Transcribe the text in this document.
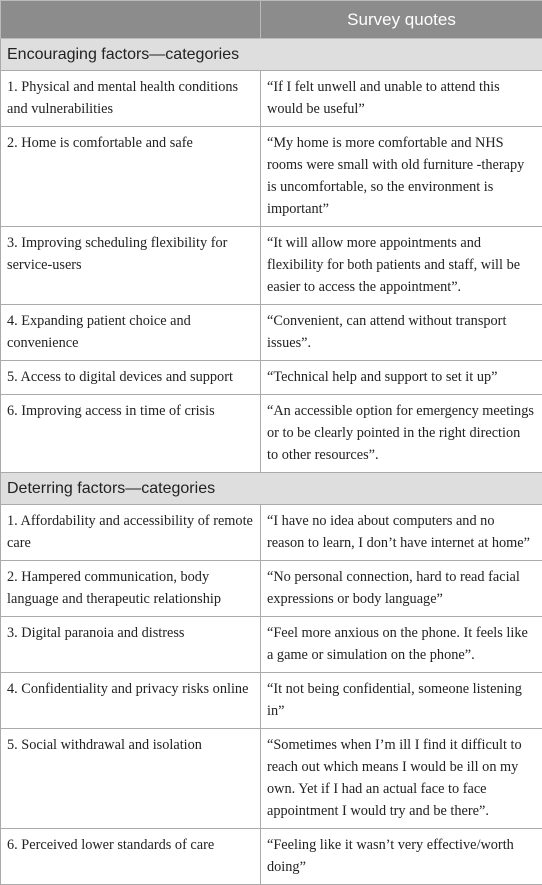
	Survey quotes
Encouraging factors—categories	
1. Physical and mental health conditions and vulnerabilities	“If I felt unwell and unable to attend this would be useful”
2. Home is comfortable and safe	“My home is more comfortable and NHS rooms were small with old furniture -therapy is uncomfortable, so the environment is important”
3. Improving scheduling flexibility for service-users	“It will allow more appointments and flexibility for both patients and staff, will be easier to access the appointment”.
4. Expanding patient choice and convenience	“Convenient, can attend without transport issues”.
5. Access to digital devices and support	“Technical help and support to set it up”
6. Improving access in time of crisis	“An accessible option for emergency meetings or to be clearly pointed in the right direction to other resources”.
Deterring factors—categories	
1. Affordability and accessibility of remote care	“I have no idea about computers and no reason to learn, I don’t have internet at home”
2. Hampered communication, body language and therapeutic relationship	“No personal connection, hard to read facial expressions or body language”
3. Digital paranoia and distress	“Feel more anxious on the phone. It feels like a game or simulation on the phone”.
4. Confidentiality and privacy risks online	“It not being confidential, someone listening in”
5. Social withdrawal and isolation	“Sometimes when I’m ill I find it difficult to reach out which means I would be ill on my own. Yet if I had an actual face to face appointment I would try and be there”.
6. Perceived lower standards of care	“Feeling like it wasn’t very effective/worth doing”
